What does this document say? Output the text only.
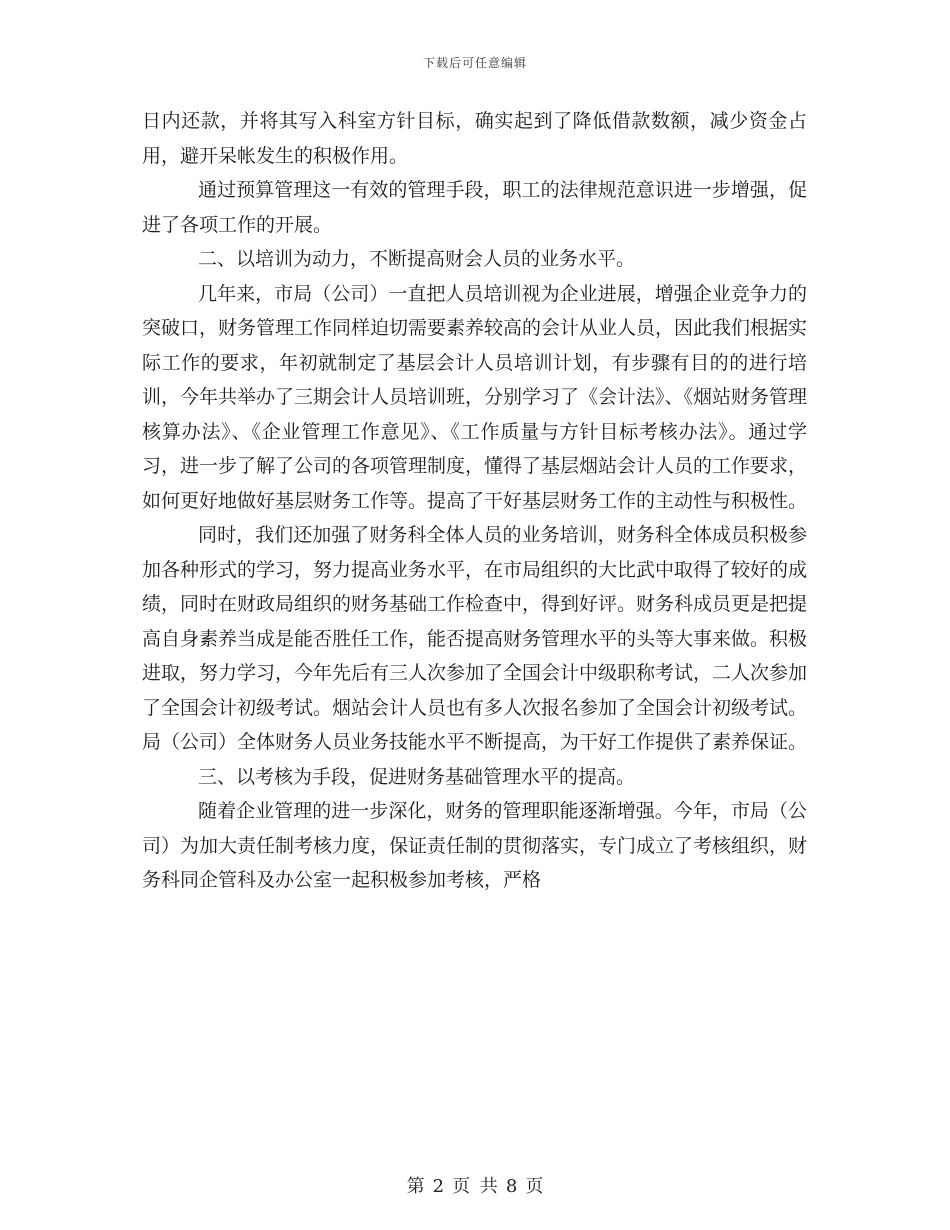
下载后可任意编辑

日内还款，并将其写入科室方针目标，确实起到了降低借款数额，减少资金占用，避开呆帐发生的积极作用。

通过预算管理这一有效的管理手段，职工的法律规范意识进一步增强，促进了各项工作的开展。

二、以培训为动力，不断提高财会人员的业务水平。

几年来，市局（公司）一直把人员培训视为企业进展，增强企业竞争力的突破口，财务管理工作同样迫切需要素养较高的会计从业人员，因此我们根据实际工作的要求，年初就制定了基层会计人员培训计划，有步骤有目的的进行培训，今年共举办了三期会计人员培训班，分别学习了《会计法》、《烟站财务管理核算办法》、《企业管理工作意见》、《工作质量与方针目标考核办法》。通过学习，进一步了解了公司的各项管理制度，懂得了基层烟站会计人员的工作要求，如何更好地做好基层财务工作等。提高了干好基层财务工作的主动性与积极性。

同时，我们还加强了财务科全体人员的业务培训，财务科全体成员积极参加各种形式的学习，努力提高业务水平，在市局组织的大比武中取得了较好的成绩，同时在财政局组织的财务基础工作检查中，得到好评。财务科成员更是把提高自身素养当成是能否胜任工作，能否提高财务管理水平的头等大事来做。积极进取，努力学习，今年先后有三人次参加了全国会计中级职称考试，二人次参加了全国会计初级考试。烟站会计人员也有多人次报名参加了全国会计初级考试。局（公司）全体财务人员业务技能水平不断提高，为干好工作提供了素养保证。

三、以考核为手段，促进财务基础管理水平的提高。

随着企业管理的进一步深化，财务的管理职能逐渐增强。今年，市局（公司）为加大责任制考核力度，保证责任制的贯彻落实，专门成立了考核组织，财务科同企管科及办公室一起积极参加考核，严格

第 2 页 共 8 页
